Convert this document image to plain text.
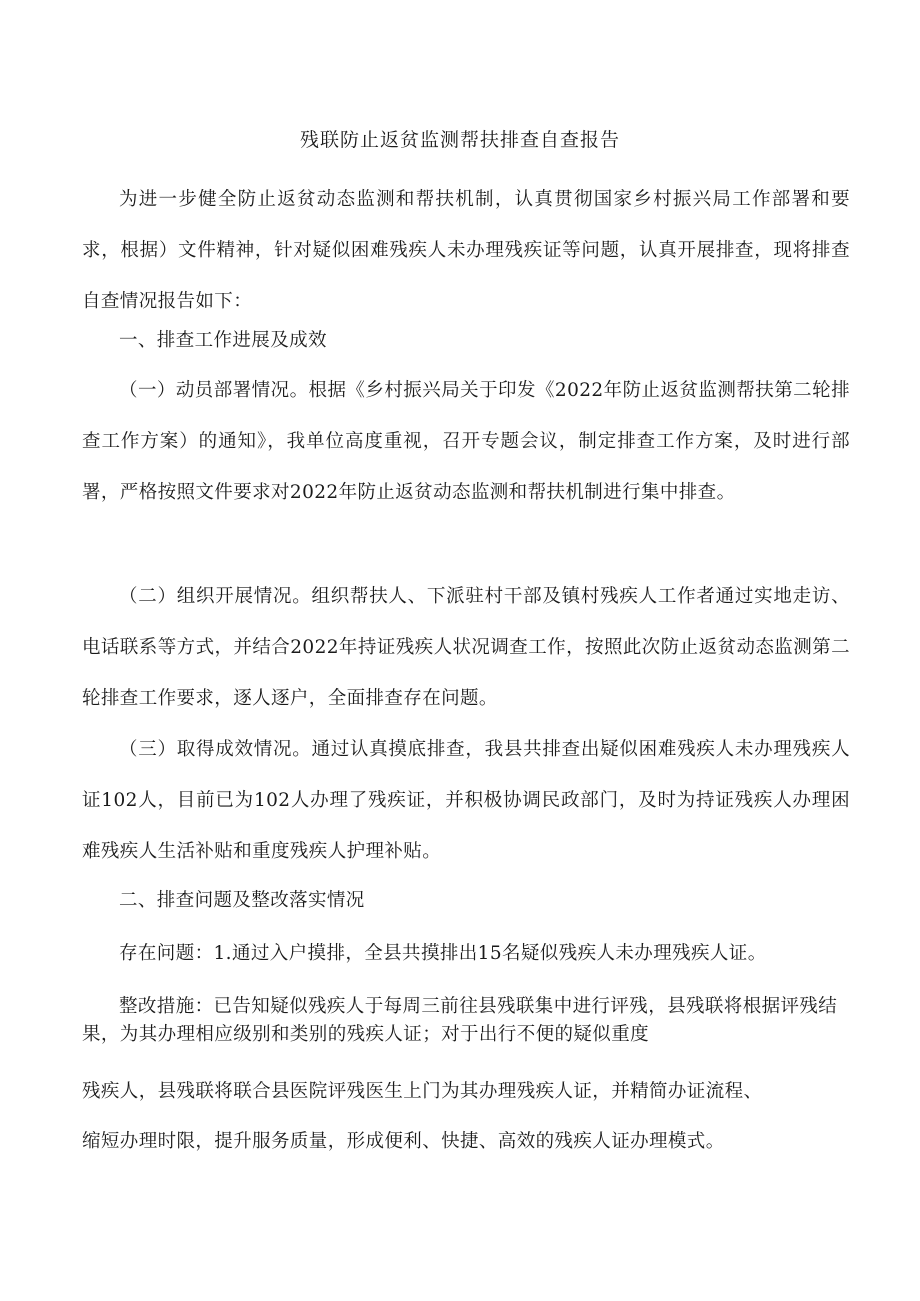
残联防止返贫监测帮扶排查自查报告

为进一步健全防止返贫动态监测和帮扶机制，认真贯彻国家乡村振兴局工作部署和要求，根据）文件精神，针对疑似困难残疾人未办理残疾证等问题，认真开展排查，现将排查自查情况报告如下：

一、排查工作进展及成效

（一）动员部署情况。根据《乡村振兴局关于印发《2022年防止返贫监测帮扶第二轮排查工作方案）的通知》，我单位高度重视，召开专题会议，制定排查工作方案，及时进行部署，严格按照文件要求对2022年防止返贫动态监测和帮扶机制进行集中排查。

（二）组织开展情况。组织帮扶人、下派驻村干部及镇村残疾人工作者通过实地走访、电话联系等方式，并结合2022年持证残疾人状况调查工作，按照此次防止返贫动态监测第二轮排查工作要求，逐人逐户，全面排查存在问题。

（三）取得成效情况。通过认真摸底排查，我县共排查出疑似困难残疾人未办理残疾人证102人，目前已为102人办理了残疾证，并积极协调民政部门，及时为持证残疾人办理困难残疾人生活补贴和重度残疾人护理补贴。

二、排查问题及整改落实情况

存在问题：1.通过入户摸排，全县共摸排出15名疑似残疾人未办理残疾人证。

整改措施：已告知疑似残疾人于每周三前往县残联集中进行评残，县残联将根据评残结果，为其办理相应级别和类别的残疾人证；对于出行不便的疑似重度

残疾人，县残联将联合县医院评残医生上门为其办理残疾人证，并精简办证流程、

缩短办理时限，提升服务质量，形成便利、快捷、高效的残疾人证办理模式。
